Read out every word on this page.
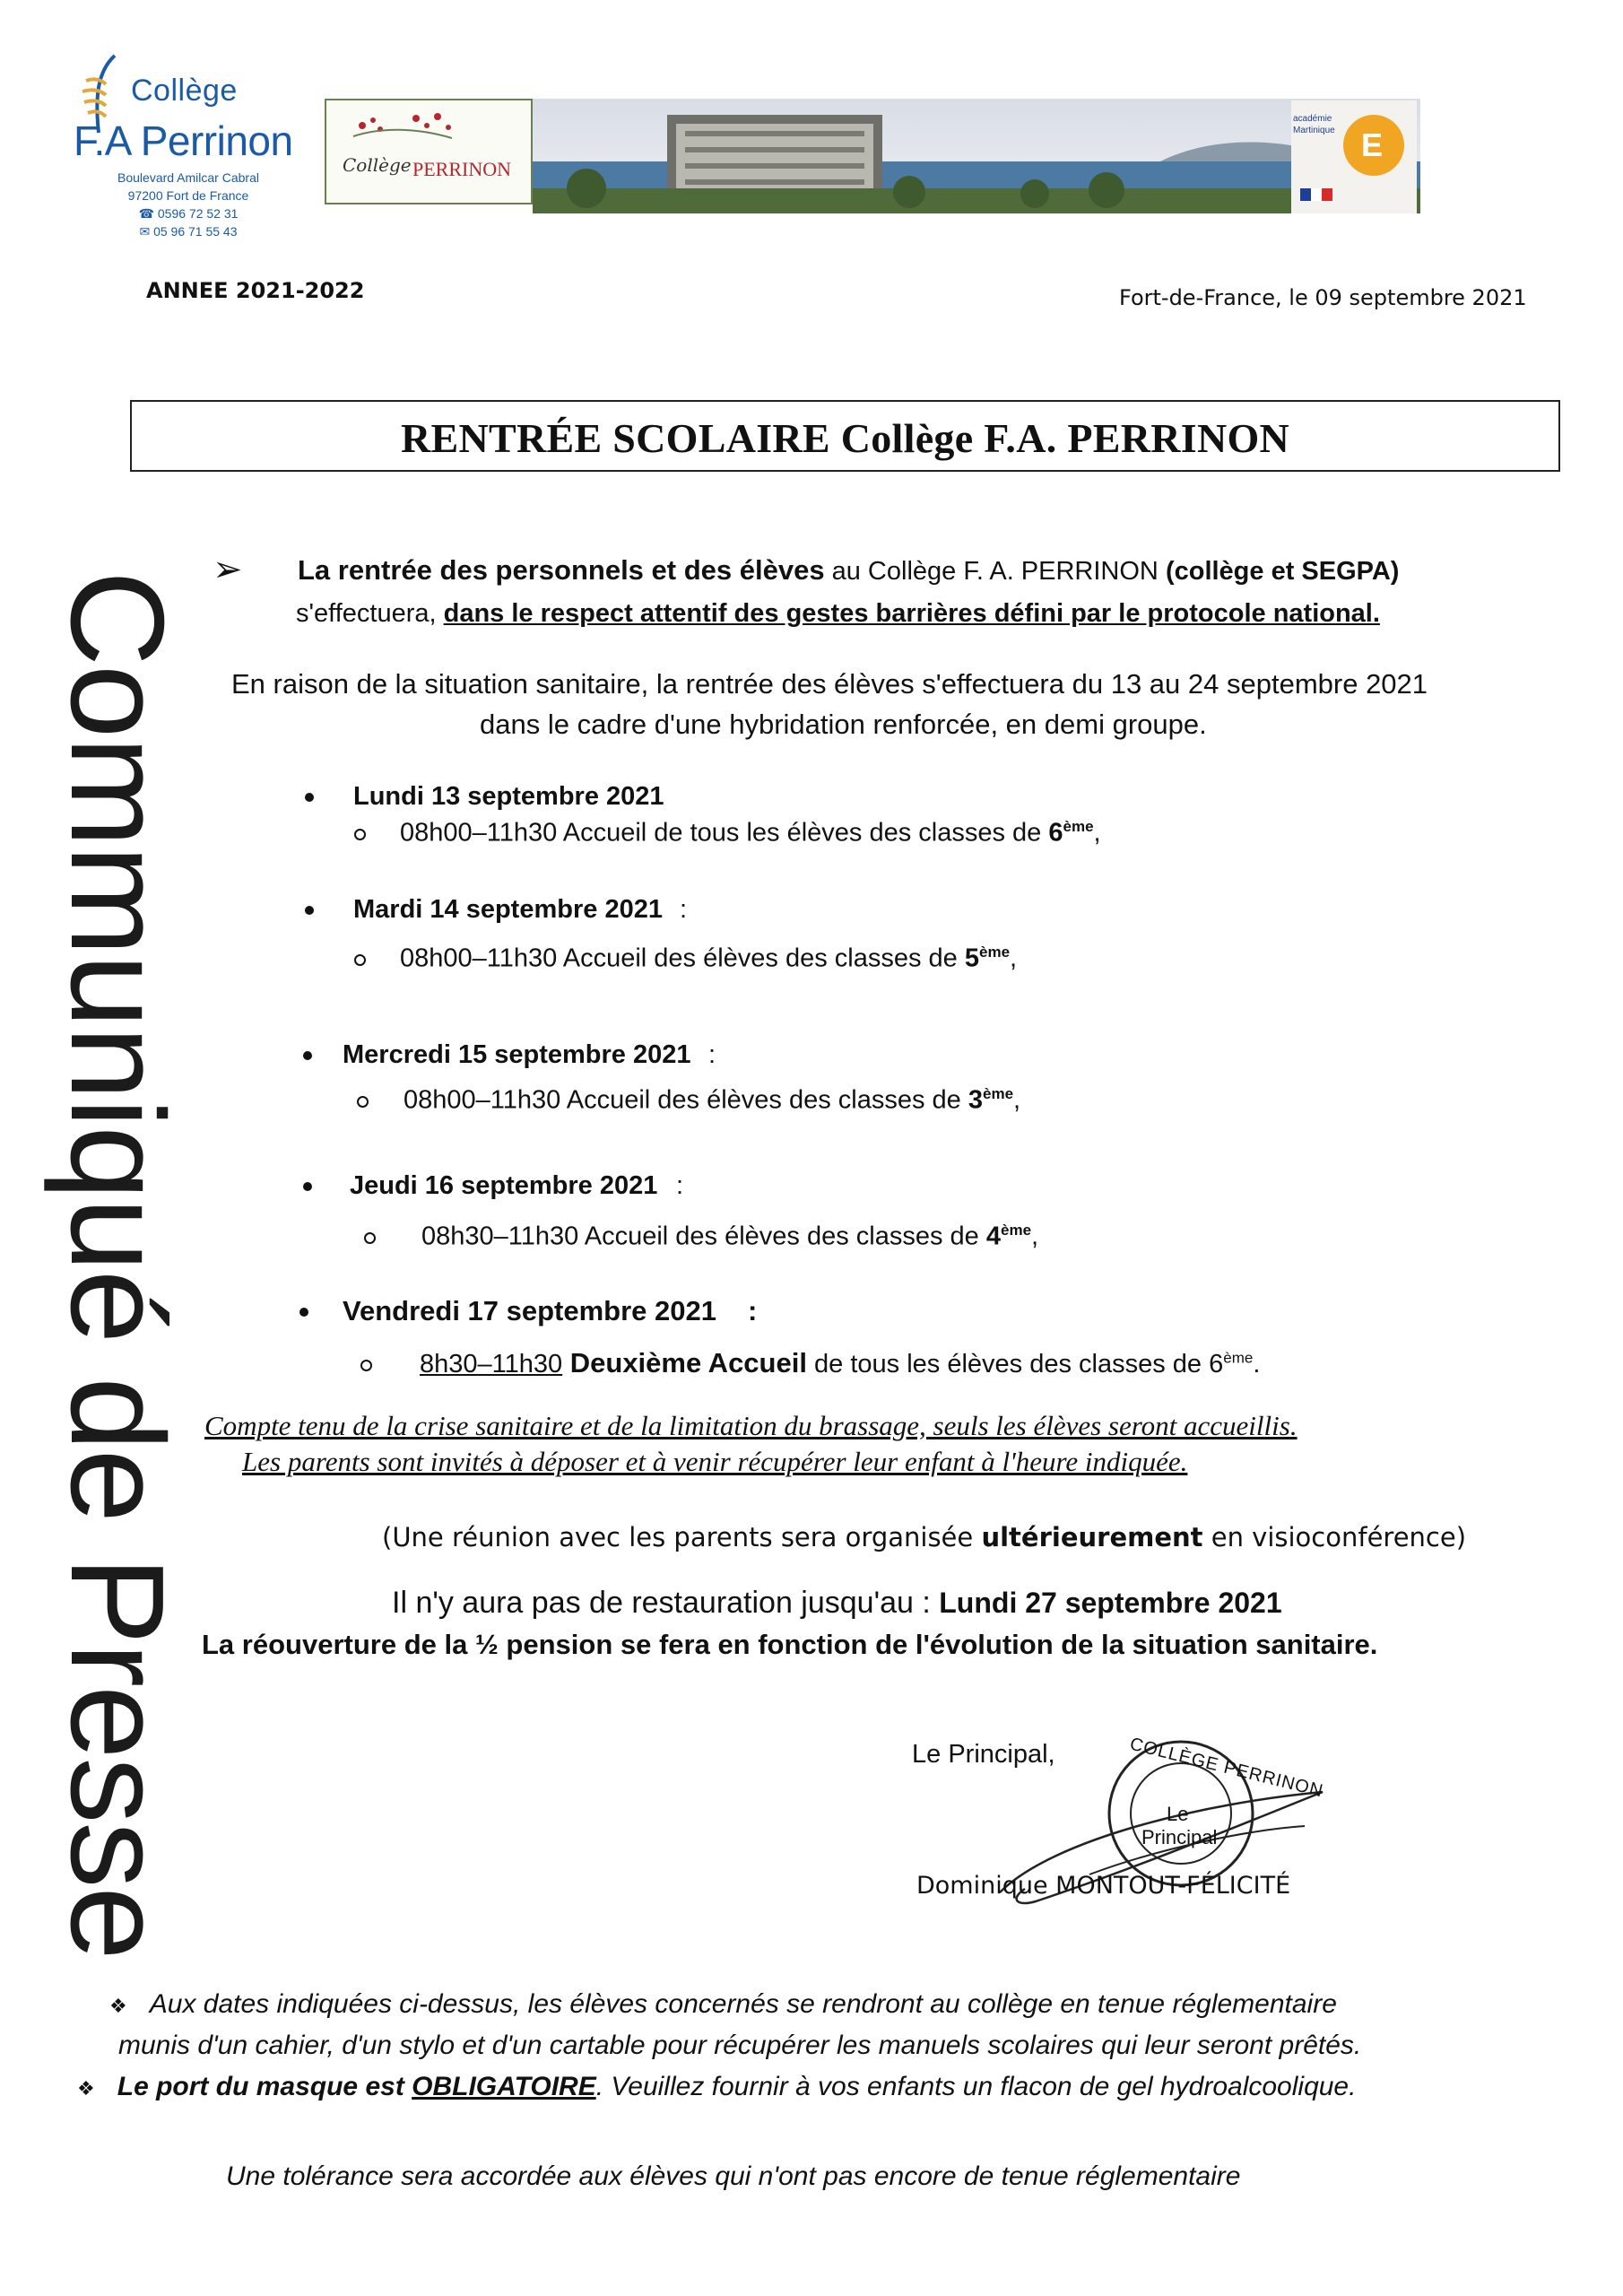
Collège
F.A Perrinon
Boulevard Amilcar Cabral
97200 Fort de France
☎ 0596 72 52 31
✉ 05 96 71 55 43
Collège PERRINON
E
académie Martinique
ANNEE 2021-2022	Fort-de-France, le 09 septembre 2021
RENTRÉE SCOLAIRE Collège F.A. PERRINON
Communiqué de Presse
➢ La rentrée des personnels et des élèves au Collège F. A. PERRINON (collège et SEGPA)
s'effectuera, dans le respect attentif des gestes barrières défini par le protocole national.
En raison de la situation sanitaire, la rentrée des élèves s'effectuera du 13 au 24 septembre 2021
dans le cadre d'une hybridation renforcée, en demi groupe.
Lundi 13 septembre 2021
08h00–11h30 Accueil de tous les élèves des classes de 6ème,
Mardi 14 septembre 2021 :
08h00–11h30 Accueil des élèves des classes de 5ème,
Mercredi 15 septembre 2021 :
08h00–11h30 Accueil des élèves des classes de 3ème,
Jeudi 16 septembre 2021 :
08h30–11h30 Accueil des élèves des classes de 4ème,
Vendredi 17 septembre 2021 :
8h30–11h30 Deuxième Accueil de tous les élèves des classes de 6ème.
Compte tenu de la crise sanitaire et de la limitation du brassage, seuls les élèves seront accueillis.
Les parents sont invités à déposer et à venir récupérer leur enfant à l'heure indiquée.
(Une réunion avec les parents sera organisée ultérieurement en visioconférence)
Il n'y aura pas de restauration jusqu'au : Lundi 27 septembre 2021
La réouverture de la ½ pension se fera en fonction de l'évolution de la situation sanitaire.
Le Principal,	COLLÈGE PERRINON
Le
Principal
Dominique MONTOUT-FÉLICITÉ
❖ Aux dates indiquées ci-dessus, les élèves concernés se rendront au collège en tenue réglementaire
munis d'un cahier, d'un stylo et d'un cartable pour récupérer les manuels scolaires qui leur seront prêtés.
❖ Le port du masque est OBLIGATOIRE. Veuillez fournir à vos enfants un flacon de gel hydroalcoolique.
Une tolérance sera accordée aux élèves qui n'ont pas encore de tenue réglementaire
